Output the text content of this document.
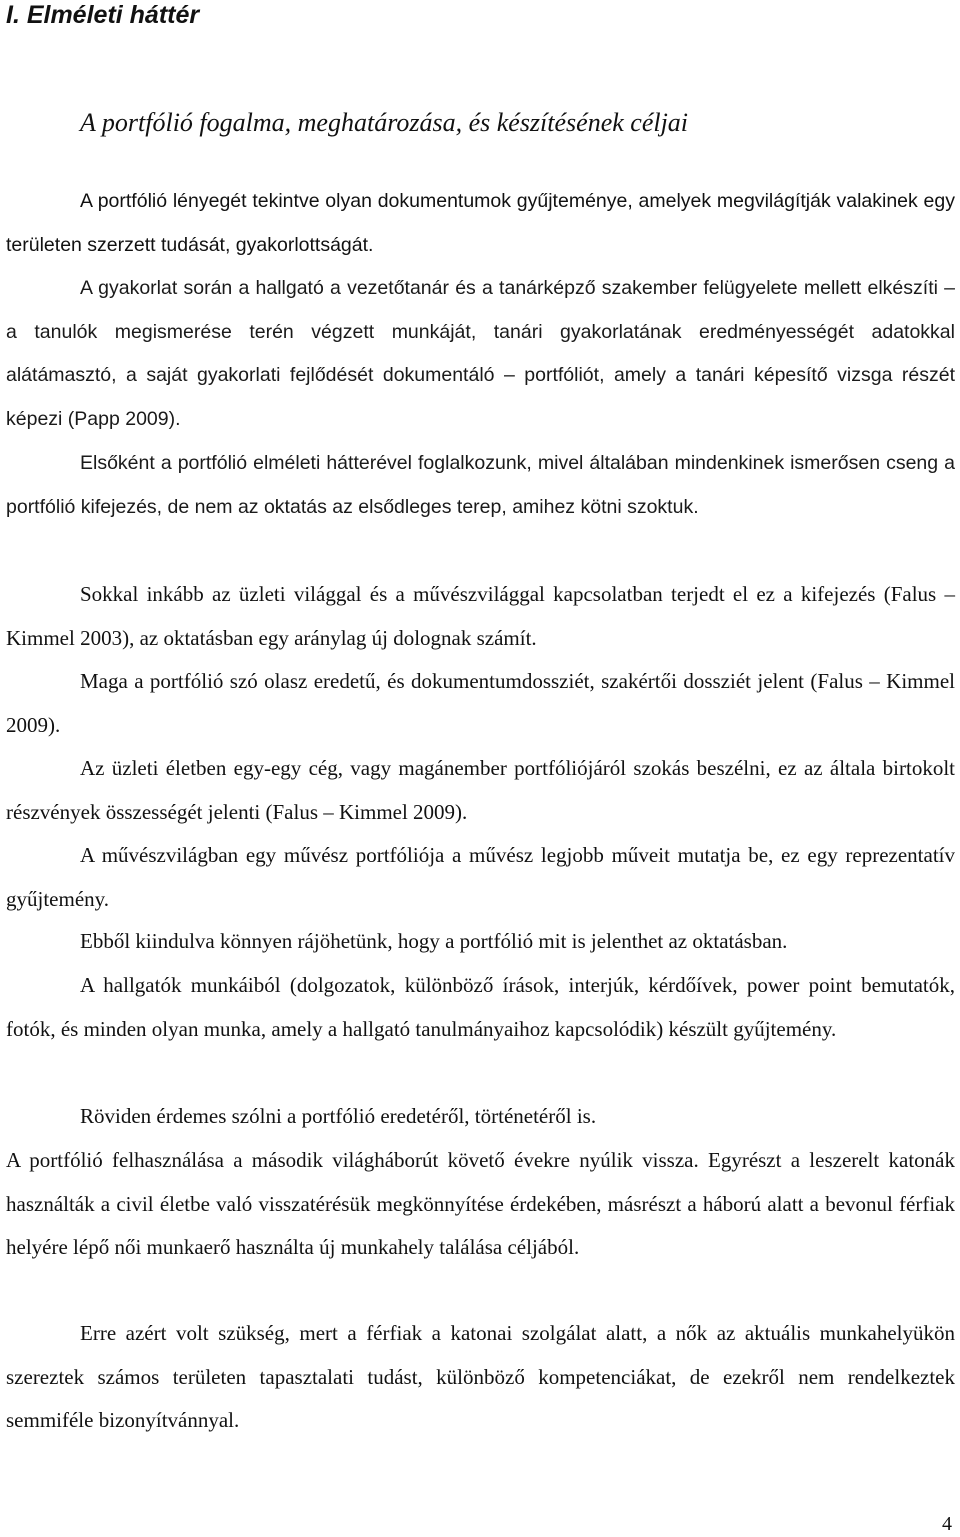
I. Elméleti háttér
A portfólió fogalma, meghatározása, és készítésének céljai

A portfólió lényegét tekintve olyan dokumentumok gyűjteménye, amelyek megvilágítják valakinek egy területen szerzett tudását, gyakorlottságát.

A gyakorlat során a hallgató a vezetőtanár és a tanárképző szakember felügyelete mellett elkészíti – a tanulók megismerése terén végzett munkáját, tanári gyakorlatának eredményességét adatokkal alátámasztó, a saját gyakorlati fejlődését dokumentáló – portfóliót, amely a tanári képesítő vizsga részét képezi (Papp 2009).

Elsőként a portfólió elméleti hátterével foglalkozunk, mivel általában mindenkinek ismerősen cseng a portfólió kifejezés, de nem az oktatás az elsődleges terep, amihez kötni szoktuk.

Sokkal inkább az üzleti világgal és a művészvilággal kapcsolatban terjedt el ez a kifejezés (Falus – Kimmel 2003), az oktatásban egy aránylag új dolognak számít.

Maga a portfólió szó olasz eredetű, és dokumentumdossziét, szakértői dossziét jelent (Falus – Kimmel 2009).

Az üzleti életben egy-egy cég, vagy magánember portfóliójáról szokás beszélni, ez az általa birtokolt részvények összességét jelenti (Falus – Kimmel 2009).

A művészvilágban egy művész portfóliója a művész legjobb műveit mutatja be, ez egy reprezentatív gyűjtemény.

Ebből kiindulva könnyen rájöhetünk, hogy a portfólió mit is jelenthet az oktatásban.

A hallgatók munkáiból (dolgozatok, különböző írások, interjúk, kérdőívek, power point bemutatók, fotók, és minden olyan munka, amely a hallgató tanulmányaihoz kapcsolódik) készült gyűjtemény.

Röviden érdemes szólni a portfólió eredetéről, történetéről is.

A portfólió felhasználása a második világháborút követő évekre nyúlik vissza. Egyrészt a leszerelt katonák használták a civil életbe való visszatérésük megkönnyítése érdekében, másrészt a háború alatt a bevonul férfiak helyére lépő női munkaerő használta új munkahely találása céljából.

Erre azért volt szükség, mert a férfiak a katonai szolgálat alatt, a nők az aktuális munkahelyükön szereztek számos területen tapasztalati tudást, különböző kompetenciákat, de ezekről nem rendelkeztek semmiféle bizonyítvánnyal.

4
